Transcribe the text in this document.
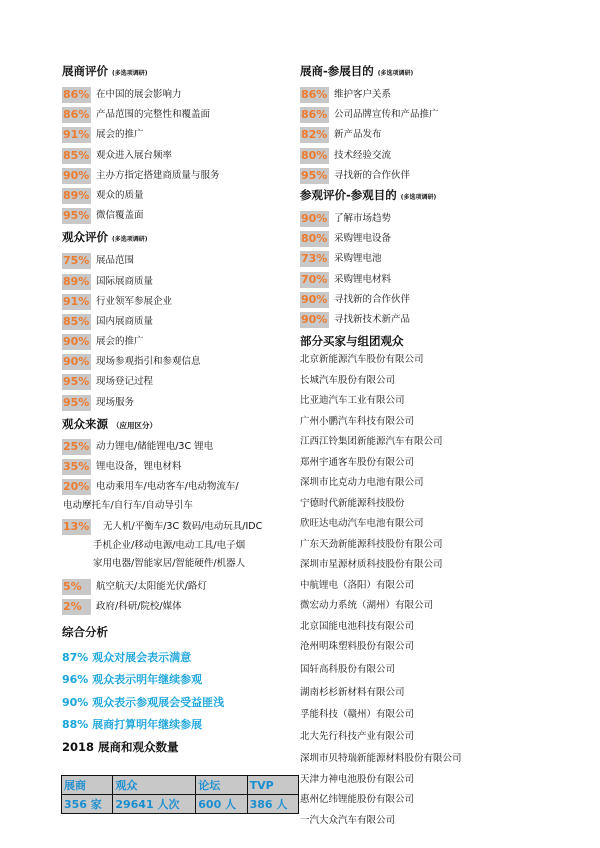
展商评价 (多选项调研)
86% 在中国的展会影响力
86% 产品范围的完整性和覆盖面
91% 展会的推广
85% 观众进入展台频率
90% 主办方指定搭建商质量与服务
89% 观众的质量
95% 微信覆盖面
观众评价 (多选项调研)
75% 展品范围
89% 国际展商质量
91% 行业领军参展企业
85% 国内展商质量
90% 展会的推广
90% 现场参观指引和参观信息
95% 现场登记过程
95% 现场服务
观众来源 （应用区分）
25% 动力锂电/储能锂电/3C 锂电
35% 锂电设备，锂电材料
20% 电动乘用车/电动客车/电动物流车/
电动摩托车/自行车/自动导引车
13% 无人机/平衡车/3C 数码/电动玩具/IDC
手机企业/移动电源/电动工具/电子烟
家用电器/智能家居/智能硬件/机器人
5%	航空航天/太阳能光伏/路灯
2%	政府/科研/院校/媒体
展商-参展目的 (多选项调研)
86% 维护客户关系
86% 公司品牌宣传和产品推广
82% 新产品发布
80% 技术经验交流
95% 寻找新的合作伙伴
参观评价-参观目的 (多选项调研)
90% 了解市场趋势
80% 采购锂电设备
73% 采购锂电池
70% 采购锂电材料
90% 寻找新的合作伙伴
90% 寻找新技术新产品
部分买家与组团观众
北京新能源汽车股份有限公司
长城汽车股份有限公司
比亚迪汽车工业有限公司
广州小鹏汽车科技有限公司
江西江铃集团新能源汽车有限公司
郑州宇通客车股份有限公司
深圳市比克动力电池有限公司
宁德时代新能源科技股份
欣旺达电动汽车电池有限公司
广东天劲新能源科技股份有限公司
深圳市星源材质科技股份有限公司
中航锂电（洛阳）有限公司
微宏动力系统（湖州）有限公司
北京国能电池科技有限公司
沧州明珠塑料股份有限公司
国轩高科股份有限公司
湖南杉杉新材料有限公司
孚能科技（赣州）有限公司
北大先行科技产业有限公司
深圳市贝特瑞新能源材料股份有限公司
天津力神电池股份有限公司
惠州亿纬锂能股份有限公司
一汽大众汽车有限公司
综合分析
87% 观众对展会表示满意
96% 观众表示明年继续参观
90% 观众表示参观展会受益匪浅
88% 展商打算明年继续参展
2018 展商和观众数量
展商	观众	论坛	TVP
356 家	29641 人次	600 人	386 人
